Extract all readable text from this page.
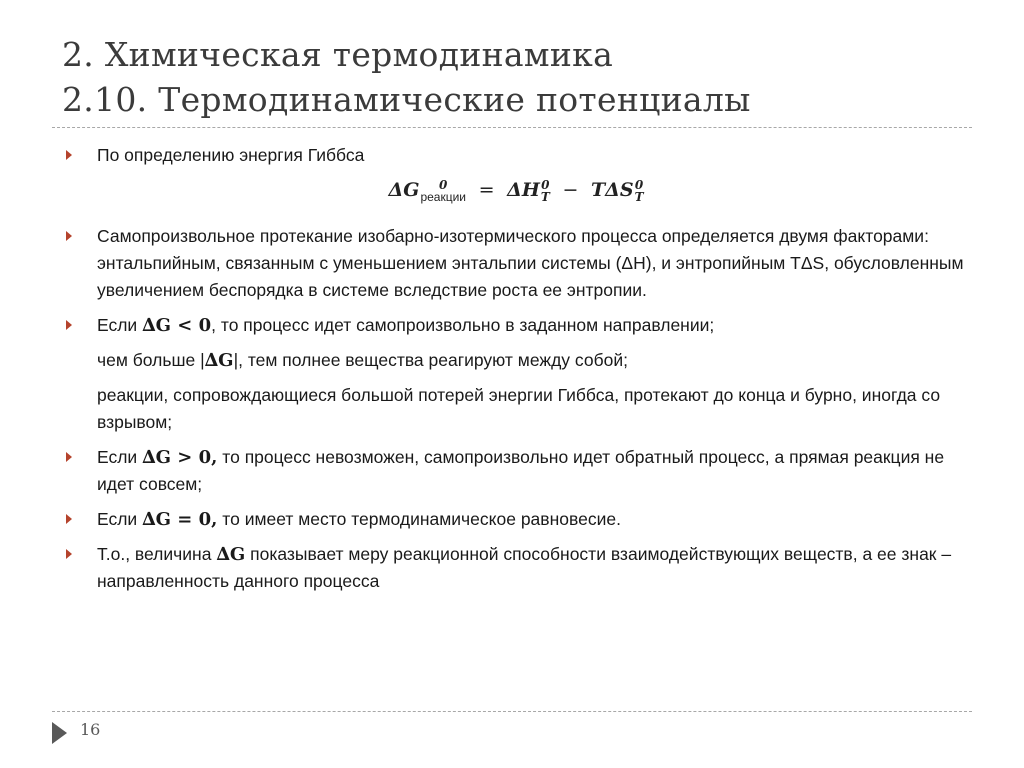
2. Химическая термодинамика
2.10. Термодинамические потенциалы
По определению энергия Гиббса
ΔG	0
реакции = ΔH 0
T − TΔS 0
T
Самопроизвольное протекание изобарно-изотермического процесса определяется двумя факторами: энтальпийным, связанным с уменьшением энтальпии системы (ΔH), и энтропийным TΔS, обусловленным увеличением беспорядка в системе вследствие роста ее энтропии.
Если ∆G < 0, то процесс идет самопроизвольно в заданном направлении;
чем больше |∆G|, тем полнее вещества реагируют между собой;
реакции, сопровождающиеся большой потерей энергии Гиббса, протекают до конца и бурно, иногда со взрывом;
Если ∆G > 0, то процесс невозможен, самопроизвольно идет обратный процесс, а прямая реакция не идет совсем;
Если ∆G = 0, то имеет место термодинамическое равновесие.
Т.о., величина ∆G показывает меру реакционной способности взаимодействующих веществ, а ее знак – направленность данного процесса
16
